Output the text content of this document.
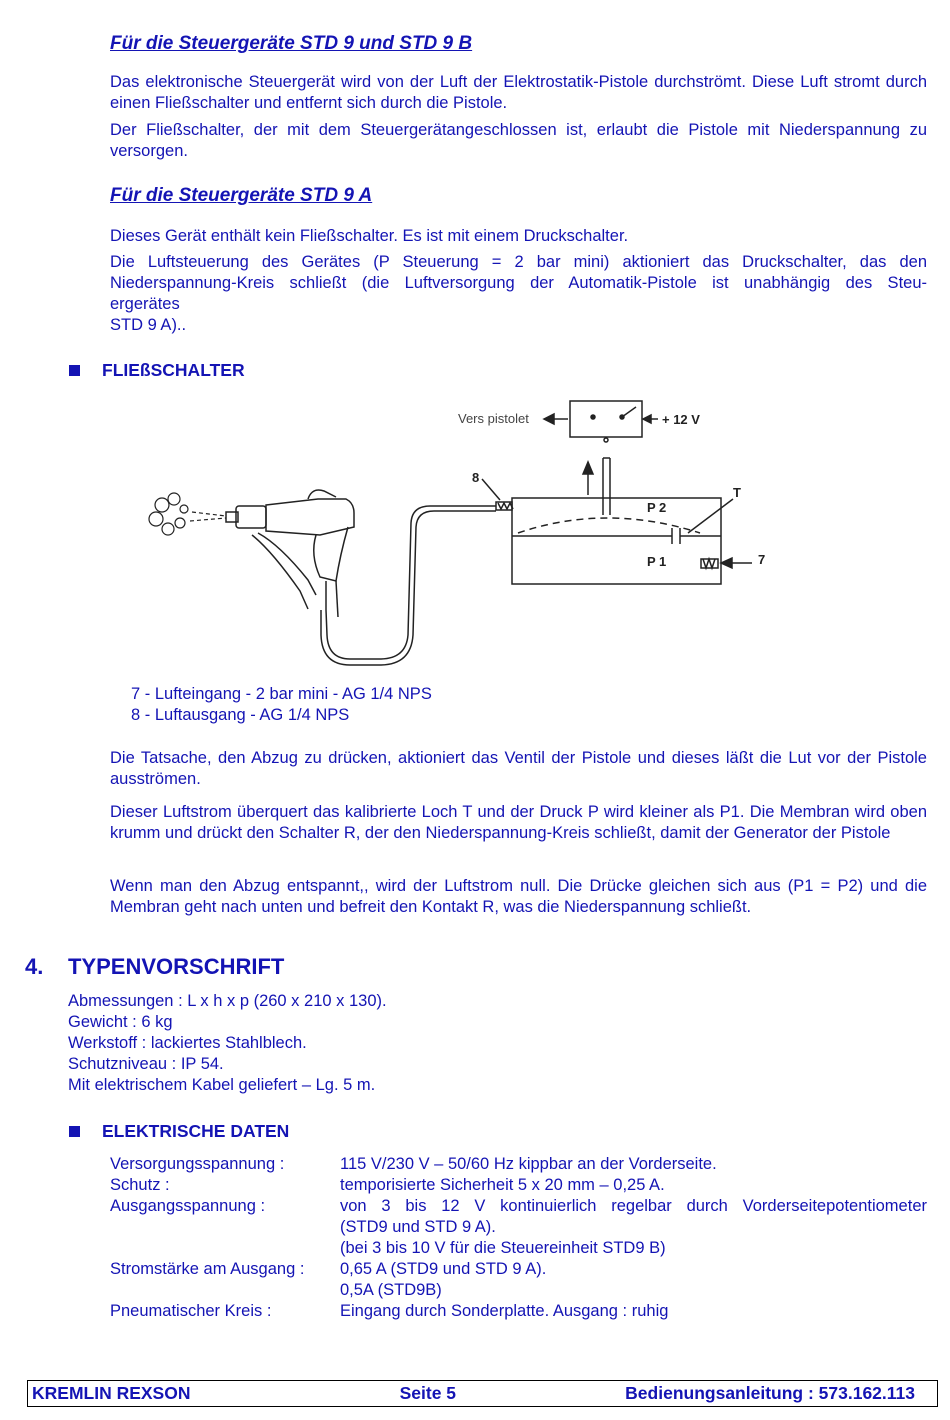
Für die Steuergeräte STD 9 und STD 9 B
Das elektronische Steuergerät wird von der Luft der Elektrostatik-Pistole durchströmt. Diese Luft stromt durch einen Fließschalter und entfernt sich durch die Pistole.
Der Fließschalter, der mit dem Steuergerätangeschlossen ist, erlaubt die Pistole mit Niederspannung zu versorgen.
Für die Steuergeräte STD 9 A
Dieses Gerät enthält kein Fließschalter. Es ist mit einem Druckschalter.
Die Luftsteuerung des Gerätes (P Steuerung = 2 bar mini) aktioniert das Druckschalter, das den
Niederspannung-Kreis schließt (die Luftversorgung der Automatik-Pistole ist unabhängig des Steu-
ergerätes
STD 9 A)..
FLIEßSCHALTER
Vers pistolet	+ 12 V
8
T
P 2
P 1	7
7 - Lufteingang - 2 bar mini - AG 1/4 NPS
8 - Luftausgang - AG 1/4 NPS
Die Tatsache, den Abzug zu drücken, aktioniert das Ventil der Pistole und dieses läßt die Lut vor der Pistole ausströmen.
Dieser Luftstrom überquert das kalibrierte Loch T und der Druck P wird kleiner als P1. Die Membran wird oben krumm und drückt den Schalter R, der den Niederspannung-Kreis schließt, damit der Generator der Pistole
Wenn man den Abzug entspannt,, wird der Luftstrom null. Die Drücke gleichen sich aus (P1 = P2) und die Membran geht nach unten und befreit den Kontakt R, was die Niederspannung schließt.
4. TYPENVORSCHRIFT
Abmessungen : L x h x p (260 x 210 x 130).
Gewicht : 6 kg
Werkstoff : lackiertes Stahlblech.
Schutzniveau : IP 54.
Mit elektrischem Kabel geliefert – Lg. 5 m.
ELEKTRISCHE DATEN
Versorgungsspannung :	115 V/230 V – 50/60 Hz kippbar an der Vorderseite.
Schutz :	temporisierte Sicherheit 5 x 20 mm – 0,25 A.
Ausgangsspannung :	von 3 bis 12 V kontinuierlich regelbar durch Vorderseitepotentiometer
	(STD9 und STD 9 A).
	(bei 3 bis 10 V für die Steuereinheit STD9 B)
Stromstärke am Ausgang :	0,65 A (STD9 und STD 9 A).
	0,5A (STD9B)
Pneumatischer Kreis :	Eingang durch Sonderplatte. Ausgang : ruhig
KREMLIN REXSON	Seite 5	Bedienungsanleitung : 573.162.113
